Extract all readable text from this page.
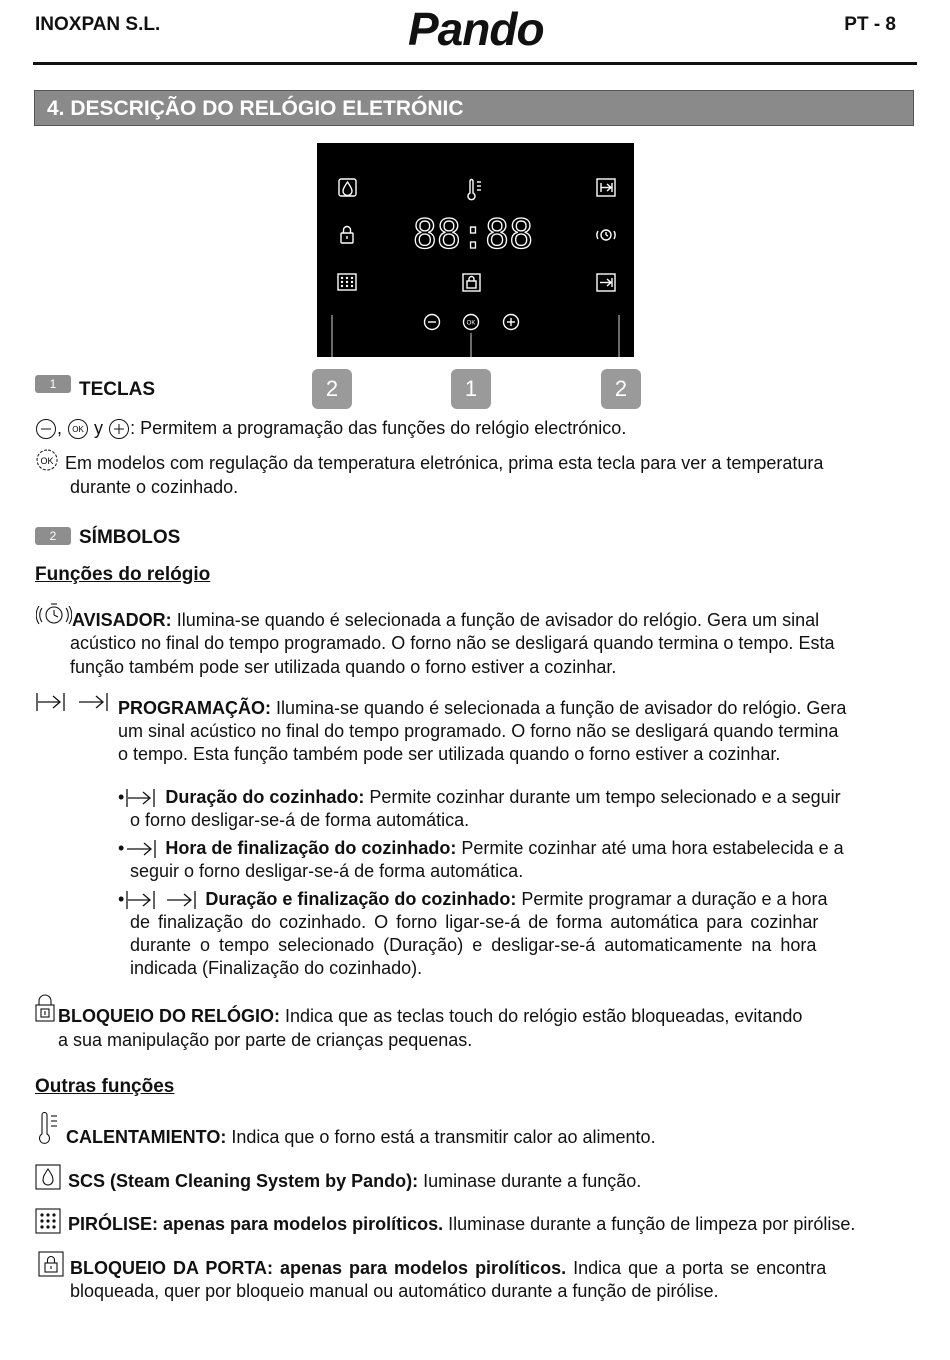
INOXPAN S.L.	Pando	PT - 8
4. DESCRIÇÃO DO RELÓGIO ELETRÓNIC
OK
88:88
2	1	2
1	TECLAS
, OK y : Permitem a programação das funções do relógio electrónico.
OK Em modelos com regulação da temperatura eletrónica, prima esta tecla para ver a temperatura
durante o cozinhado.
2	SÍMBOLOS
Funções do relógio
AVISADOR: Ilumina-se quando é selecionada a função de avisador do relógio. Gera um sinal
acústico no final do tempo programado. O forno não se desligará quando termina o tempo. Esta
função também pode ser utilizada quando o forno estiver a cozinhar.
PROGRAMAÇÃO: Ilumina-se quando é selecionada a função de avisador do relógio. Gera
um sinal acústico no final do tempo programado. O forno não se desligará quando termina
o tempo. Esta função também pode ser utilizada quando o forno estiver a cozinhar.
• Duração do cozinhado: Permite cozinhar durante um tempo selecionado e a seguir
o forno desligar-se-á de forma automática.
• Hora de finalização do cozinhado: Permite cozinhar até uma hora estabelecida e a
seguir o forno desligar-se-á de forma automática.
•	Duração e finalização do cozinhado: Permite programar a duração e a hora
de finalização do cozinhado. O forno ligar-se-á de forma automática para cozinhar
durante o tempo selecionado (Duração) e desligar-se-á automaticamente na hora
indicada (Finalização do cozinhado).
BLOQUEIO DO RELÓGIO: Indica que as teclas touch do relógio estão bloqueadas, evitando
a sua manipulação por parte de crianças pequenas.
Outras funções
CALENTAMIENTO: Indica que o forno está a transmitir calor ao alimento.
SCS (Steam Cleaning System by Pando): Iuminase durante a função.
PIRÓLISE: apenas para modelos pirolíticos. Iluminase durante a função de limpeza por pirólise.
BLOQUEIO DA PORTA: apenas para modelos pirolíticos. Indica que a porta se encontra
bloqueada, quer por bloqueio manual ou automático durante a função de pirólise.
